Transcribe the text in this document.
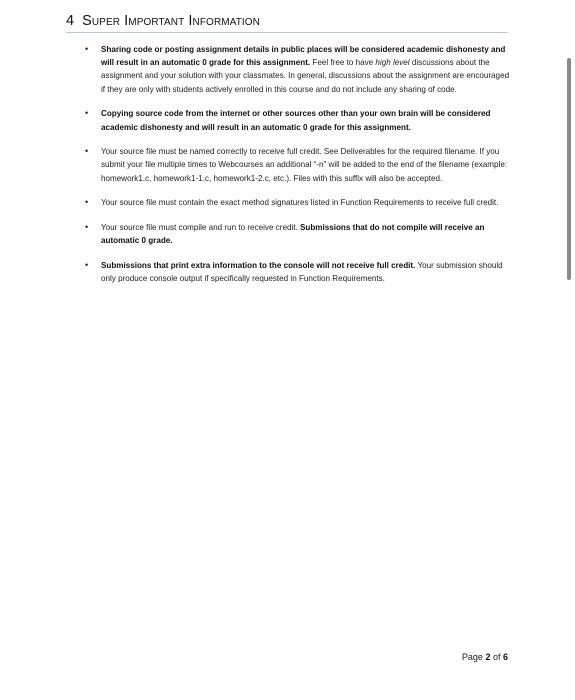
4 Super Important Information
• Sharing code or posting assignment details in public places will be considered academic dishonesty and will result in an automatic 0 grade for this assignment. Feel free to have high level discussions about the assignment and your solution with your classmates. In general, discussions about the assignment are encouraged if they are only with students actively enrolled in this course and do not include any sharing of code.
• Copying source code from the internet or other sources other than your own brain will be considered academic dishonesty and will result in an automatic 0 grade for this assignment.
• Your source file must be named correctly to receive full credit. See Deliverables for the required filename. If you submit your file multiple times to Webcourses an additional “-n” will be added to the end of the filename (example: homework1.c, homework1-1.c, homework1-2.c, etc.). Files with this suffix will also be accepted.
• Your source file must contain the exact method signatures listed in Function Requirements to receive full credit.
• Your source file must compile and run to receive credit. Submissions that do not compile will receive an automatic 0 grade.
• Submissions that print extra information to the console will not receive full credit. Your submission should only produce console output if specifically requested in Function Requirements.
Page 2 of 6
